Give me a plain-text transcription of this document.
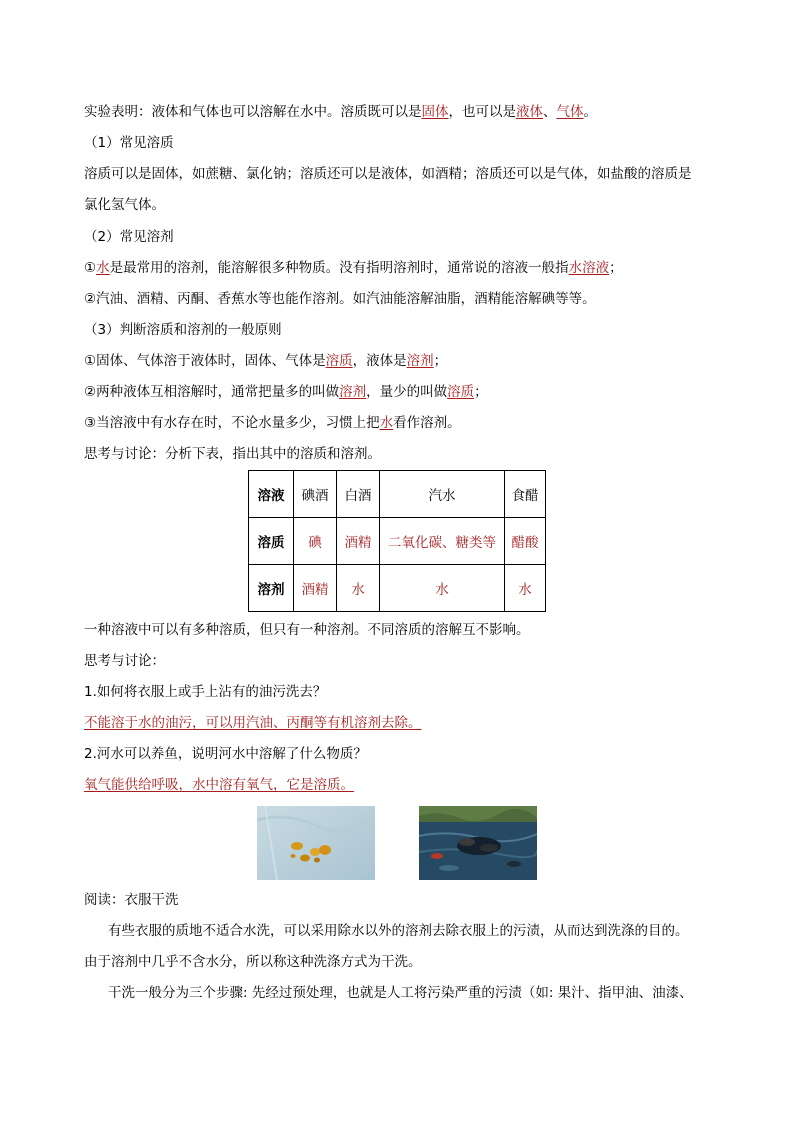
实验表明：液体和气体也可以溶解在水中。溶质既可以是固体，也可以是液体、气体。
（1）常见溶质
溶质可以是固体，如蔗糖、氯化钠；溶质还可以是液体，如酒精；溶质还可以是气体，如盐酸的溶质是
氯化氢气体。
（2）常见溶剂
①水是最常用的溶剂，能溶解很多种物质。没有指明溶剂时，通常说的溶液一般指水溶液；
②汽油、酒精、丙酮、香蕉水等也能作溶剂。如汽油能溶解油脂，酒精能溶解碘等等。
（3）判断溶质和溶剂的一般原则
①固体、气体溶于液体时，固体、气体是溶质，液体是溶剂；
②两种液体互相溶解时，通常把量多的叫做溶剂，量少的叫做溶质；
③当溶液中有水存在时，不论水量多少，习惯上把水看作溶剂。
思考与讨论：分析下表，指出其中的溶质和溶剂。
溶液	碘酒	白酒	汽水	食醋
溶质	碘	酒精	二氧化碳、糖类等	醋酸
溶剂	酒精	水	水	水
一种溶液中可以有多种溶质，但只有一种溶剂。不同溶质的溶解互不影响。
思考与讨论：
1.如何将衣服上或手上沾有的油污洗去？
不能溶于水的油污，可以用汽油、丙酮等有机溶剂去除。
2.河水可以养鱼，说明河水中溶解了什么物质？
氧气能供给呼吸，水中溶有氧气，它是溶质。
阅读：衣服干洗
有些衣服的质地不适合水洗，可以采用除水以外的溶剂去除衣服上的污渍，从而达到洗涤的目的。
由于溶剂中几乎不含水分，所以称这种洗涤方式为干洗。
干洗一般分为三个步骤: 先经过预处理，也就是人工将污染严重的污渍（如: 果汁、指甲油、油漆、
